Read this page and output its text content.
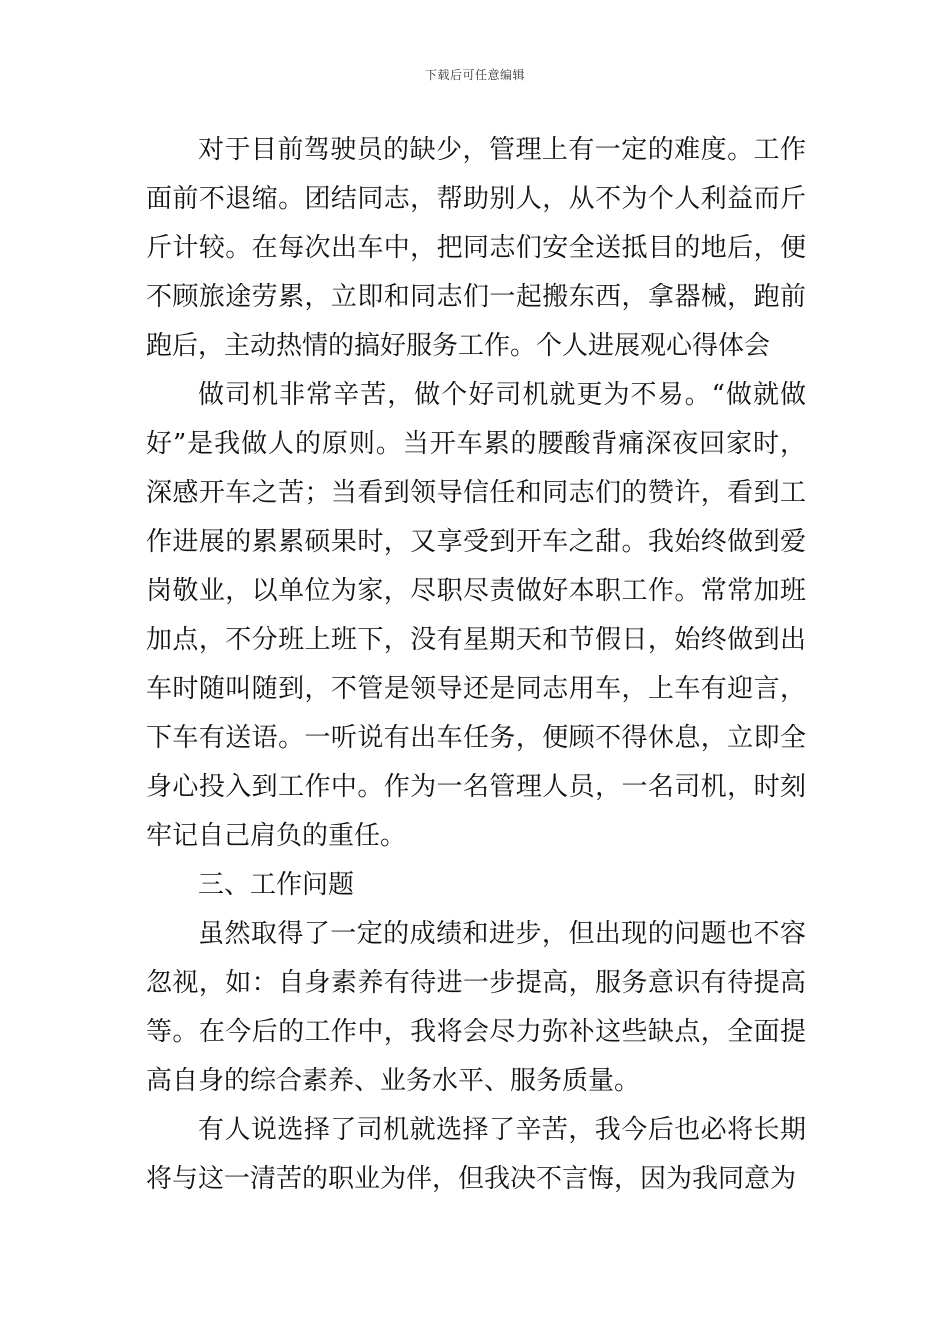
下载后可任意编辑

对于目前驾驶员的缺少，管理上有一定的难度。工作面前不退缩。团结同志，帮助别人，从不为个人利益而斤斤计较。在每次出车中，把同志们安全送抵目的地后，便不顾旅途劳累，立即和同志们一起搬东西，拿器械，跑前跑后，主动热情的搞好服务工作。个人进展观心得体会

做司机非常辛苦，做个好司机就更为不易。“做就做好”是我做人的原则。当开车累的腰酸背痛深夜回家时，深感开车之苦；当看到领导信任和同志们的赞许，看到工作进展的累累硕果时，又享受到开车之甜。我始终做到爱岗敬业，以单位为家，尽职尽责做好本职工作。常常加班加点，不分班上班下，没有星期天和节假日，始终做到出车时随叫随到，不管是领导还是同志用车，上车有迎言，下车有送语。一听说有出车任务，便顾不得休息，立即全身心投入到工作中。作为一名管理人员，一名司机，时刻牢记自己肩负的重任。

三、工作问题

虽然取得了一定的成绩和进步，但出现的问题也不容忽视，如：自身素养有待进一步提高，服务意识有待提高等。在今后的工作中，我将会尽力弥补这些缺点，全面提高自身的综合素养、业务水平、服务质量。

有人说选择了司机就选择了辛苦，我今后也必将长期将与这一清苦的职业为伴，但我决不言悔，因为我同意为
